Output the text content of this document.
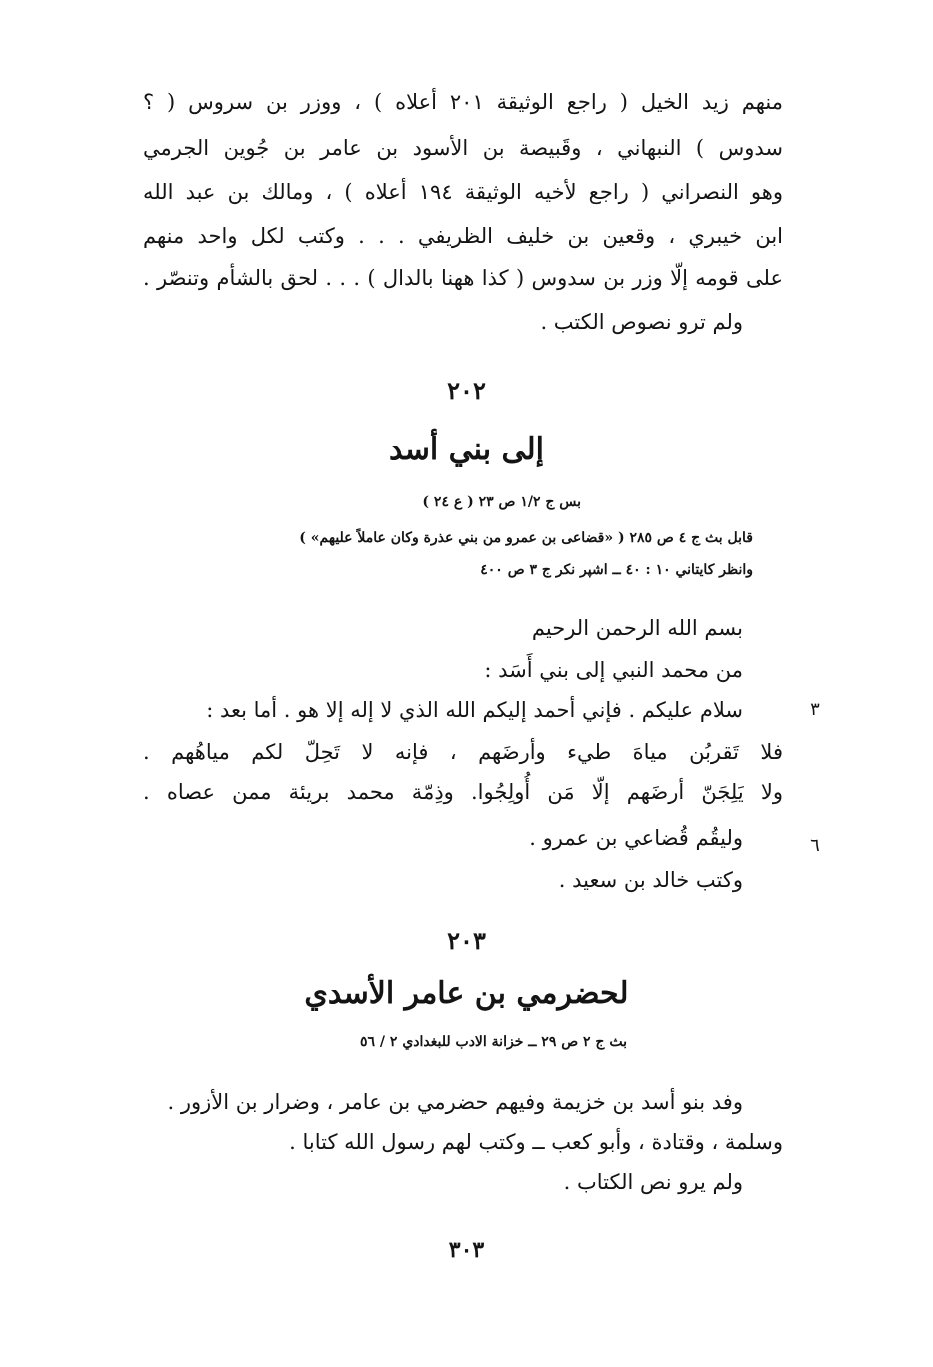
منهم زيد الخيل ( راجع الوثيقة ٢٠١ أعلاه ) ، ووزر بن سروس ( ؟
سدوس ) النبهاني ، وقَبيصة بن الأسود بن عامر بن جُوين الجرمي
وهو النصراني ( راجع لأخيه الوثيقة ١٩٤ أعلاه ) ، ومالك بن عبد الله
ابن خيبري ، وقعين بن خليف الظريفي . . . وكتب لكل واحد منهم
على قومه إلّا وزر بن سدوس ( كذا ههنا بالدال ) . . . لحق بالشأم وتنصّر .
ولم ترو نصوص الكتب .
٢٠٢
إلى بني أسد
بس ج ١/٢ ص ٢٣ ( ع ٢٤ )
قابل بث ج ٤ ص ٢٨٥ ( «قضاعى بن عمرو من بني عذرة وكان عاملاً عليهم» )
وانظر كايتاني ١٠ : ٤٠ ــ اشپر نكر ج ٣ ص ٤٠٠
بسم الله الرحمن الرحيم
من محمد النبي إلى بني أَسَد :
سلام عليكم . فإني أحمد إليكم الله الذي لا إله إلا هو . أما بعد :	٣
فلا تَقربُن مياهَ طيء وأرضَهم ، فإنه لا تَحِلّ لكم مياهُهم .
ولا يَلِجَنّ أرضَهم إلّا مَن أُولِجُوا. وذِمّة محمد بريئة ممن عصاه .
وليقُم قُضاعي بن عمرو .	٦
وكتب خالد بن سعيد .
٢٠٣
لحضرمي بن عامر الأسدي
بث ج ٢ ص ٢٩ ــ خزانة الادب للبغدادي ٢ / ٥٦
وفد بنو أسد بن خزيمة وفيهم حضرمي بن عامر ، وضرار بن الأزور .
وسلمة ، وقتادة ، وأبو كعب ــ وكتب لهم رسول الله كتابا .
ولم يرو نص الكتاب .
٣٠٣
